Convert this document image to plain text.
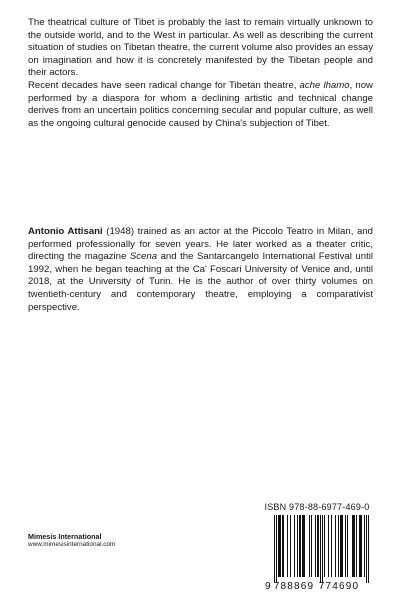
The theatrical culture of Tibet is probably the last to remain virtually unknown to the outside world, and to the West in particular. As well as describing the current situation of studies on Tibetan theatre, the current volume also provides an essay on imagination and how it is concretely manifested by the Tibetan people and their actors.

Recent decades have seen radical change for Tibetan theatre, ache lhamo, now performed by a diaspora for whom a declining artistic and technical change derives from an uncertain politics concerning secular and popular culture, as well as the ongoing cultural genocide caused by China's subjection of Tibet.

Antonio Attisani (1948) trained as an actor at the Piccolo Teatro in Milan, and performed professionally for seven years. He later worked as a theater critic, directing the magazine Scena and the Santarcangelo International Festival until 1992, when he began teaching at the Ca' Foscari University of Venice and, until 2018, at the University of Turin. He is the author of over thirty volumes on twentieth-century and contemporary theatre, employing a comparativist perspective.

Mimesis International
www.mimesisinternational.com
ISBN 978-88-6977-469-0
9 788869 774690
